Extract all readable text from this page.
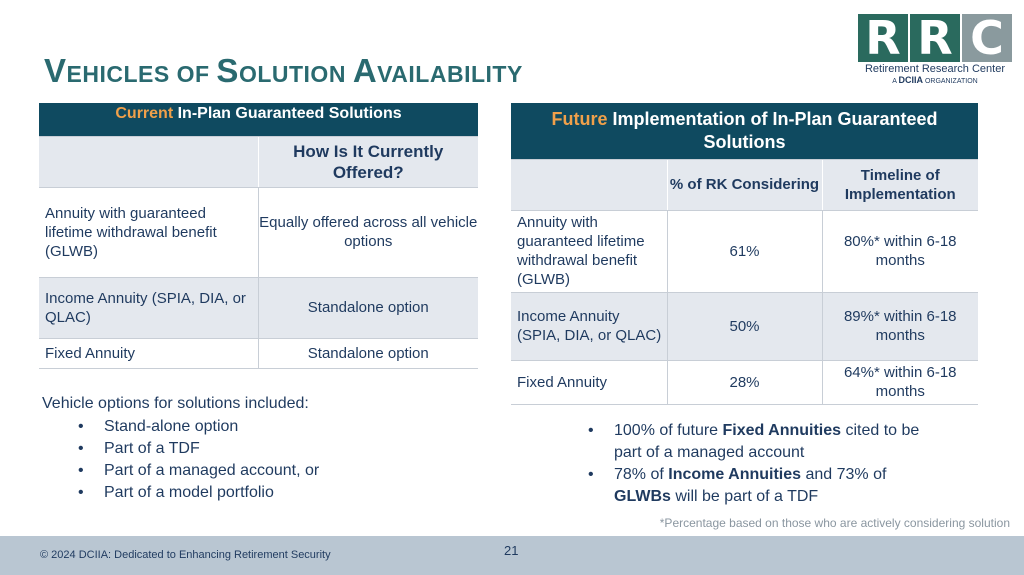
VEHICLES OF SOLUTION AVAILABILITY
R R C
Retirement Research Center
A DCIIA ORGANIZATION
Current In-Plan Guaranteed Solutions	
	How Is It Currently Offered?
Annuity with guaranteed lifetime withdrawal benefit (GLWB)	Equally offered across all vehicle options
Income Annuity (SPIA, DIA, or QLAC)	Standalone option
Fixed Annuity	Standalone option
Future Implementation of In-Plan Guaranteed Solutions		
	% of RK Considering	Timeline of Implementation
Annuity with guaranteed lifetime withdrawal benefit (GLWB)	61%	80%* within 6-18 months
Income Annuity (SPIA, DIA, or QLAC)	50%	89%* within 6-18 months
Fixed Annuity	28%	64%* within 6-18 months
Vehicle options for solutions included:
• Stand-alone option
• Part of a TDF
• Part of a managed account, or
• Part of a model portfolio
• 100% of future Fixed Annuities cited to be part of a managed account
• 78% of Income Annuities and 73% of GLWBs will be part of a TDF
*Percentage based on those who are actively considering solution
© 2024 DCIIA: Dedicated to Enhancing Retirement Security	21
